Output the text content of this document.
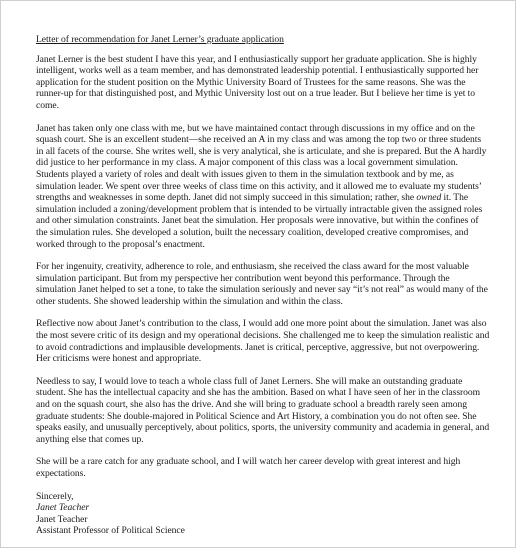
Letter of recommendation for Janet Lerner’s graduate application

Janet Lerner is the best student I have this year, and I enthusiastically support her graduate application. She is highly intelligent, works well as a team member, and has demonstrated leadership potential. I enthusiastically supported her application for the student position on the Mythic University Board of Trustees for the same reasons. She was the runner-up for that distinguished post, and Mythic University lost out on a true leader. But I believe her time is yet to come.

Janet has taken only one class with me, but we have maintained contact through discussions in my office and on the squash court. She is an excellent student—she received an A in my class and was among the top two or three students in all facets of the course. She writes well, she is very analytical, she is articulate, and she is prepared. But the A hardly did justice to her performance in my class. A major component of this class was a local government simulation. Students played a variety of roles and dealt with issues given to them in the simulation textbook and by me, as simulation leader. We spent over three weeks of class time on this activity, and it allowed me to evaluate my students’ strengths and weaknesses in some depth. Janet did not simply succeed in this simulation; rather, she owned it. The simulation included a zoning/development problem that is intended to be virtually intractable given the assigned roles and other simulation constraints. Janet beat the simulation. Her proposals were innovative, but within the confines of the simulation rules. She developed a solution, built the necessary coalition, developed creative compromises, and worked through to the proposal’s enactment.

For her ingenuity, creativity, adherence to role, and enthusiasm, she received the class award for the most valuable simulation participant. But from my perspective her contribution went beyond this performance. Through the simulation Janet helped to set a tone, to take the simulation seriously and never say “it’s not real” as would many of the other students. She showed leadership within the simulation and within the class.

Reflective now about Janet’s contribution to the class, I would add one more point about the simulation. Janet was also the most severe critic of its design and my operational decisions. She challenged me to keep the simulation realistic and to avoid contradictions and implausible developments. Janet is critical, perceptive, aggressive, but not overpowering. Her criticisms were honest and appropriate.

Needless to say, I would love to teach a whole class full of Janet Lerners. She will make an outstanding graduate student. She has the intellectual capacity and she has the ambition. Based on what I have seen of her in the classroom and on the squash court, she also has the drive. And she will bring to graduate school a breadth rarely seen among graduate students: She double-majored in Political Science and Art History, a combination you do not often see. She speaks easily, and unusually perceptively, about politics, sports, the university community and academia in general, and anything else that comes up.

She will be a rare catch for any graduate school, and I will watch her career develop with great interest and high expectations.

Sincerely,

Janet Teacher

Janet Teacher

Assistant Professor of Political Science
